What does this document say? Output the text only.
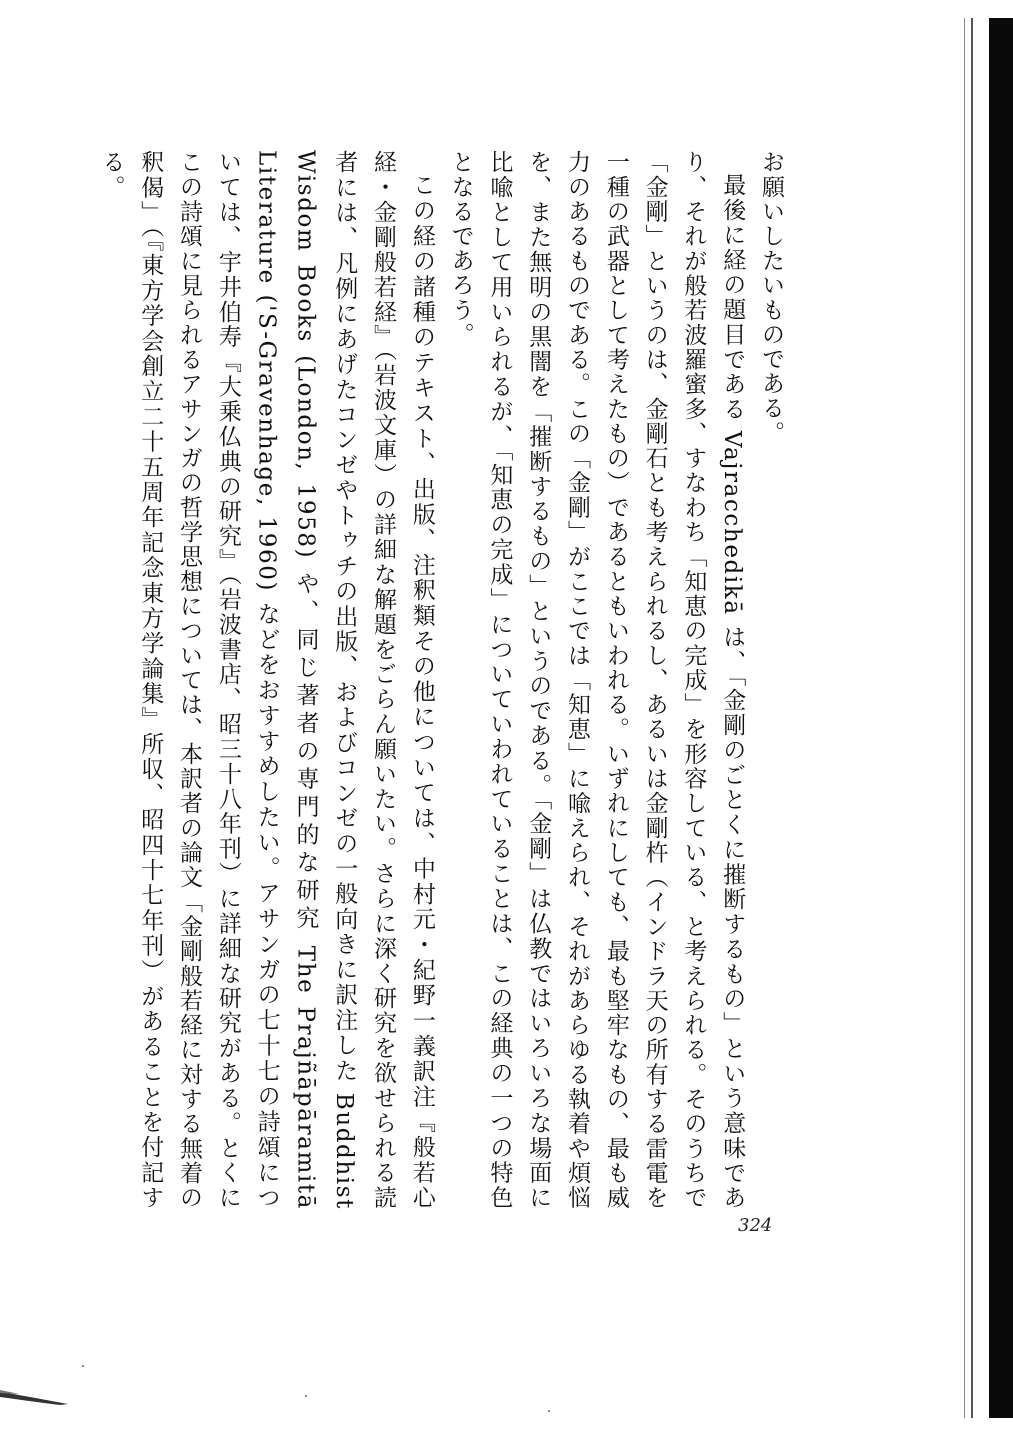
お願いしたいものである。

最後に経の題目である Vajracchedikā は、「金剛のごとくに摧断するもの」という意味であり、それが般若波羅蜜多、すなわち「知恵の完成」を形容している、と考えられる。そのうちで「金剛」というのは、金剛石とも考えられるし、あるいは金剛杵（インドラ天の所有する雷電を一種の武器として考えたもの）であるともいわれる。いずれにしても、最も堅牢なもの、最も威力のあるものである。この「金剛」がここでは「知恵」に喩えられ、それがあらゆる執着や煩悩を、また無明の黒闇を「摧断するもの」というのである。「金剛」は仏教ではいろいろな場面に比喩として用いられるが、「知恵の完成」についていわれていることは、この経典の一つの特色となるであろう。

この経の諸種のテキスト、出版、注釈類その他については、中村元・紀野一義訳注『般若心経・金剛般若経』（岩波文庫）の詳細な解題をごらん願いたい。さらに深く研究を欲せられる読者には、凡例にあげたコンゼやトゥチの出版、およびコンゼの一般向きに訳注した Buddhist Wisdom Books (London, 1958) や、同じ著者の専門的な研究 The Prajñāpāramitā Literature ('S-Gravenhage, 1960) などをおすすめしたい。アサンガの七十七の詩頌については、宇井伯寿『大乗仏典の研究』（岩波書店、昭三十八年刊）に詳細な研究がある。とくにこの詩頌に見られるアサンガの哲学思想については、本訳者の論文「金剛般若経に対する無着の釈偈」（『東方学会創立二十五周年記念東方学論集』所収、昭四十七年刊）があることを付記する。

324
